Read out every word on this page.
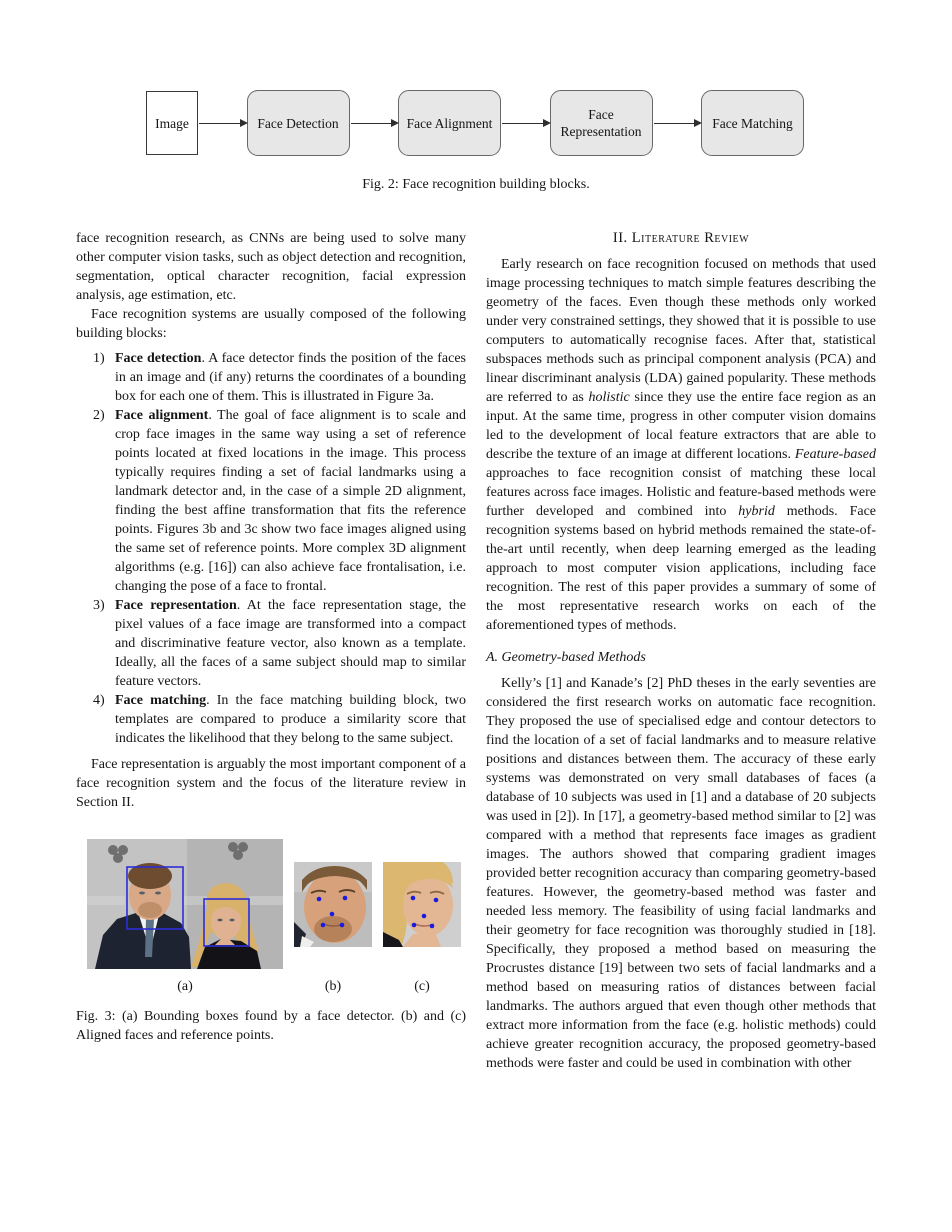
Image	Face Detection	Face Alignment
Face Representation
Face Matching
Fig. 2: Face recognition building blocks.

face recognition research, as CNNs are being used to solve many other computer vision tasks, such as object detection and recognition, segmentation, optical character recognition, facial expression analysis, age estimation, etc.

Face recognition systems are usually composed of the following building blocks:

1) Face detection. A face detector finds the position of the faces in an image and (if any) returns the coordinates of a bounding box for each one of them. This is illustrated in Figure 3a.
2) Face alignment. The goal of face alignment is to scale and crop face images in the same way using a set of reference points located at fixed locations in the image. This process typically requires finding a set of facial landmarks using a landmark detector and, in the case of a simple 2D alignment, finding the best affine transformation that fits the reference points. Figures 3b and 3c show two face images aligned using the same set of reference points. More complex 3D alignment algorithms (e.g. [16]) can also achieve face frontalisation, i.e. changing the pose of a face to frontal.
3) Face representation. At the face representation stage, the pixel values of a face image are transformed into a compact and discriminative feature vector, also known as a template. Ideally, all the faces of a same subject should map to similar feature vectors.
4) Face matching. In the face matching building block, two templates are compared to produce a similarity score that indicates the likelihood that they belong to the same subject.

Face representation is arguably the most important component of a face recognition system and the focus of the literature review in Section II.

(a)	(b)	(c)

Fig. 3: (a) Bounding boxes found by a face detector. (b) and (c) Aligned faces and reference points.

II. Literature Review

Early research on face recognition focused on methods that used image processing techniques to match simple features describing the geometry of the faces. Even though these methods only worked under very constrained settings, they showed that it is possible to use computers to automatically recognise faces. After that, statistical subspaces methods such as principal component analysis (PCA) and linear discriminant analysis (LDA) gained popularity. These methods are referred to as holistic since they use the entire face region as an input. At the same time, progress in other computer vision domains led to the development of local feature extractors that are able to describe the texture of an image at different locations. Feature-based approaches to face recognition consist of matching these local features across face images. Holistic and feature-based methods were further developed and combined into hybrid methods. Face recognition systems based on hybrid methods remained the state-of-the-art until recently, when deep learning emerged as the leading approach to most computer vision applications, including face recognition. The rest of this paper provides a summary of some of the most representative research works on each of the aforementioned types of methods.

A. Geometry-based Methods

Kelly’s [1] and Kanade’s [2] PhD theses in the early seventies are considered the first research works on automatic face recognition. They proposed the use of specialised edge and contour detectors to find the location of a set of facial landmarks and to measure relative positions and distances between them. The accuracy of these early systems was demonstrated on very small databases of faces (a database of 10 subjects was used in [1] and a database of 20 subjects was used in [2]). In [17], a geometry-based method similar to [2] was compared with a method that represents face images as gradient images. The authors showed that comparing gradient images provided better recognition accuracy than comparing geometry-based features. However, the geometry-based method was faster and needed less memory. The feasibility of using facial landmarks and their geometry for face recognition was thoroughly studied in [18]. Specifically, they proposed a method based on measuring the Procrustes distance [19] between two sets of facial landmarks and a method based on measuring ratios of distances between facial landmarks. The authors argued that even though other methods that extract more information from the face (e.g. holistic methods) could achieve greater recognition accuracy, the proposed geometry-based methods were faster and could be used in combination with other
